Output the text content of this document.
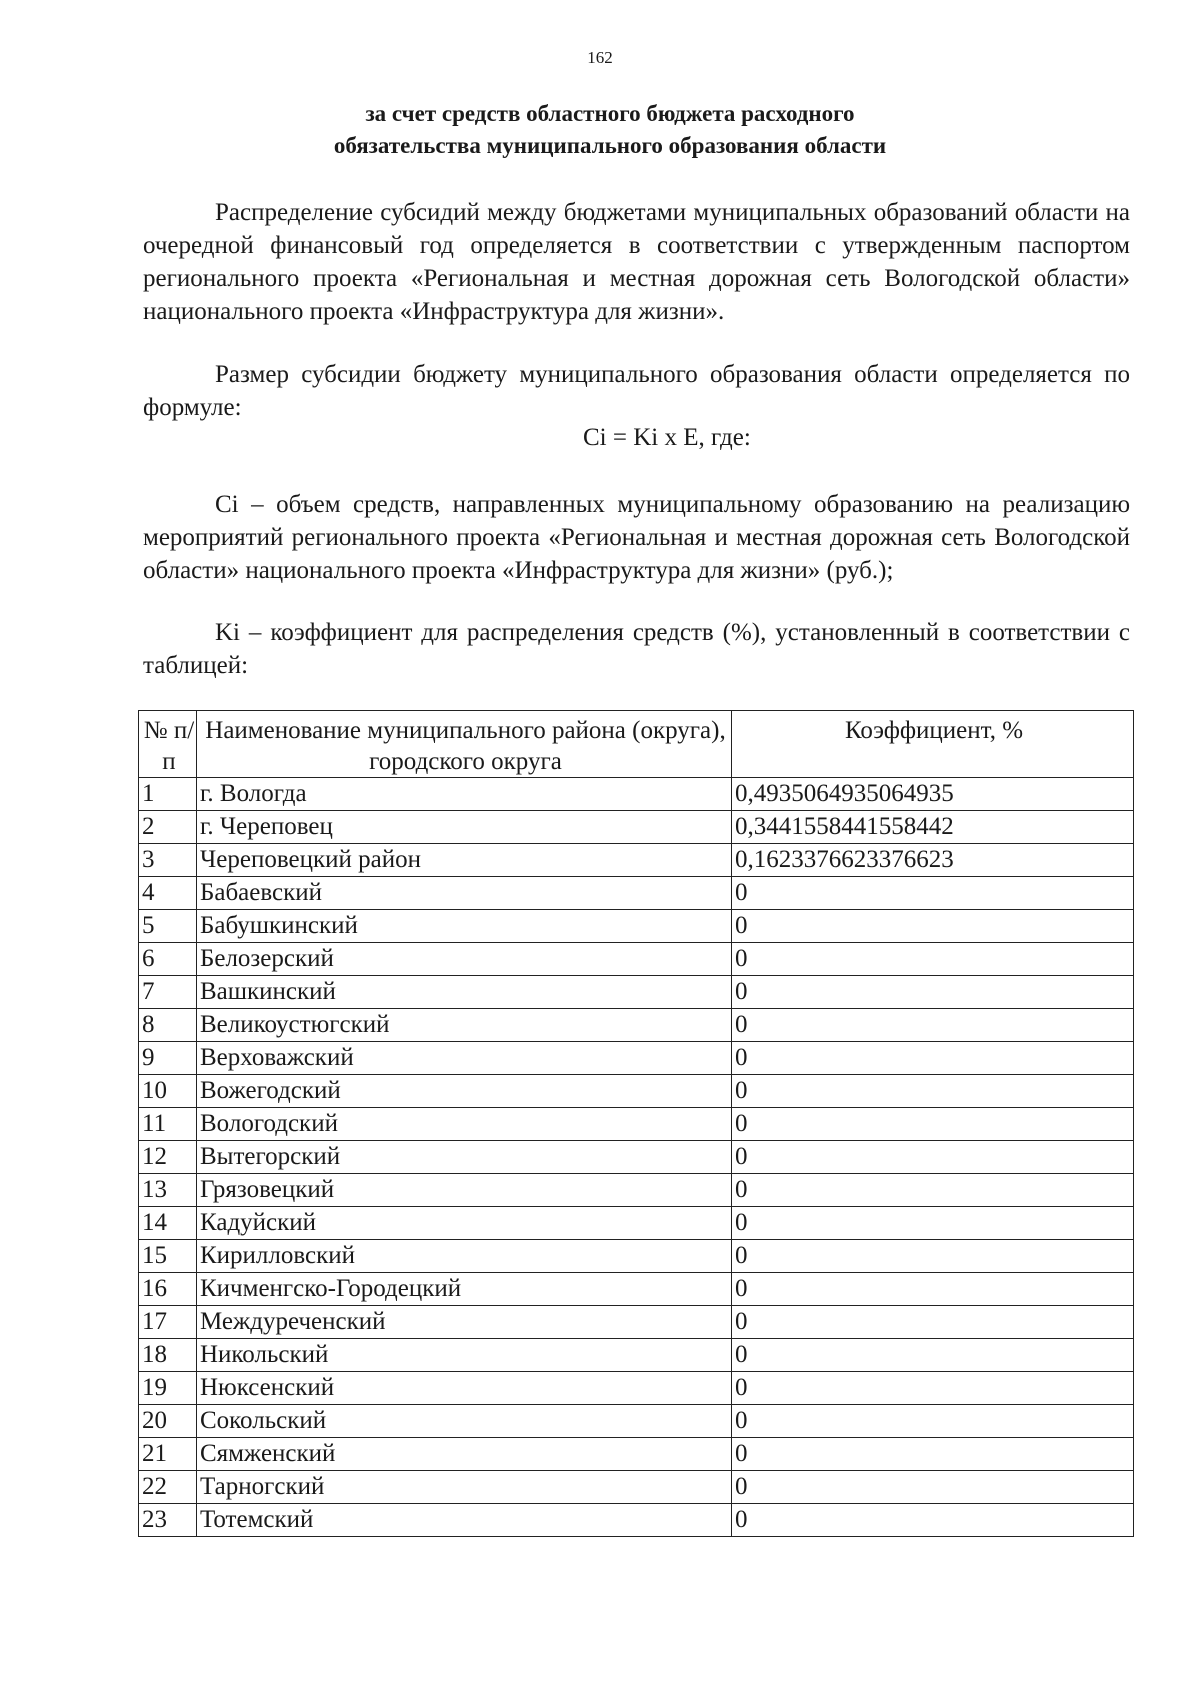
162
за счет средств областного бюджета расходного
обязательства муниципального образования области

Распределение субсидий между бюджетами муниципальных образований области на очередной финансовый год определяется в соответствии с утвержденным паспортом регионального проекта «Региональная и местная дорожная сеть Вологодской области» национального проекта «Инфраструктура для жизни».

Размер субсидии бюджету муниципального образования области определяется по формуле:

Ci = Ki x E, где:

Ci – объем средств, направленных муниципальному образованию на реализацию мероприятий регионального проекта «Региональная и местная дорожная сеть Вологодской области» национального проекта «Инфраструктура для жизни» (руб.);

Ki – коэффициент для распределения средств (%), установленный в соответствии с таблицей:

№ п/п	Наименование муниципального района (округа), городского округа	Коэффициент, %
1	г. Вологда	0,4935064935064935
2	г. Череповец	0,3441558441558442
3	Череповецкий район	0,1623376623376623
4	Бабаевский	0
5	Бабушкинский	0
6	Белозерский	0
7	Вашкинский	0
8	Великоустюгский	0
9	Верховажский	0
10	Вожегодский	0
11	Вологодский	0
12	Вытегорский	0
13	Грязовецкий	0
14	Кадуйский	0
15	Кирилловский	0
16	Кичменгско-Городецкий	0
17	Междуреченский	0
18	Никольский	0
19	Нюксенский	0
20	Сокольский	0
21	Сямженский	0
22	Тарногский	0
23	Тотемский	0
